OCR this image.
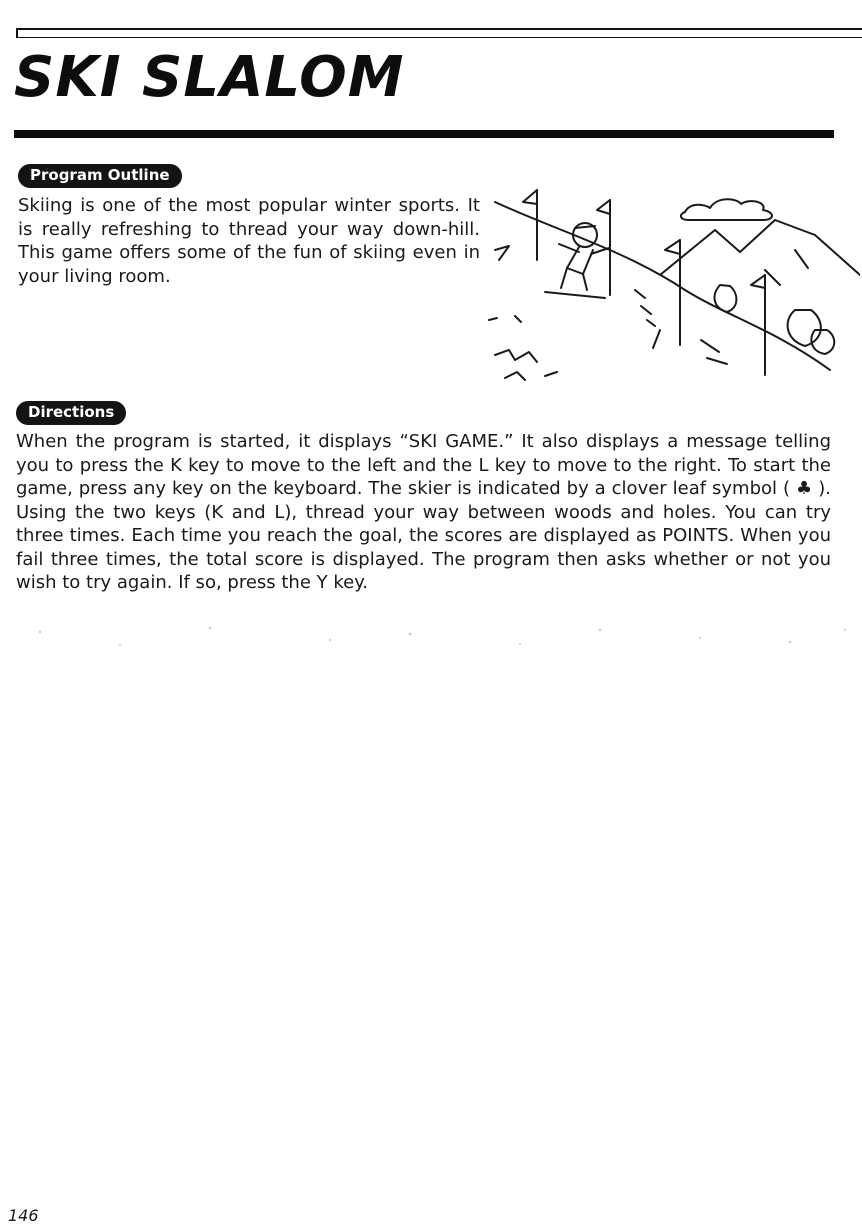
SKI SLALOM
Program Outline

Skiing is one of the most popular winter sports. It is really refreshing to thread your way down-hill. This game offers some of the fun of skiing even in your living room.

Directions

When the program is started, it displays “SKI GAME.” It also displays a message telling you to press the K key to move to the left and the L key to move to the right. To start the game, press any key on the keyboard. The skier is indicated by a clover leaf symbol ( ♣ ). Using the two keys (K and L), thread your way between woods and holes. You can try three times. Each time you reach the goal, the scores are displayed as POINTS. When you fail three times, the total score is displayed. The program then asks whether or not you wish to try again. If so, press the Y key.

146
